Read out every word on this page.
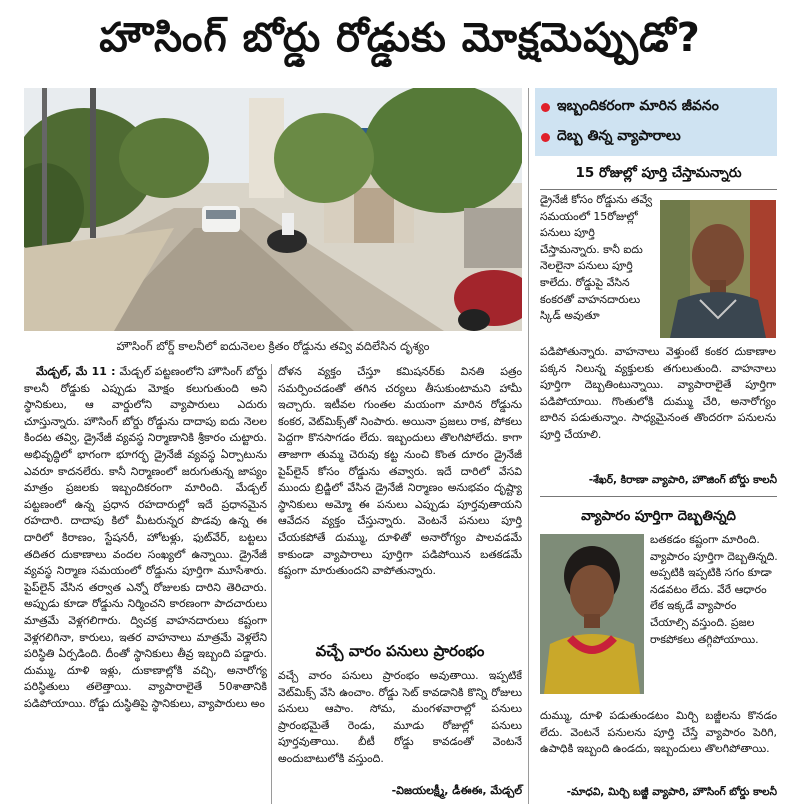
హౌసింగ్ బోర్డు రోడ్డుకు మోక్షమెప్పుడో?
హౌసింగ్ బోర్డ్ కాలనీలో ఐదునెలల క్రితం రోడ్డును తవ్వి వదిలేసిన దృశ్యం

మేడ్చల్, మే 11 : మేడ్చల్ పట్టణంలోని హౌసింగ్ బోర్డు కాలనీ రోడ్డుకు ఎప్పుడు మోక్షం కలుగుతుంది అని స్థానికులు, ఆ వార్డులోని వ్యాపారులు ఎదురు చూస్తున్నారు. హౌసింగ్ బోర్డు రోడ్డును దాదాపు ఐదు నెలల కిందట తవ్వి, డ్రైనేజీ వ్యవస్థ నిర్మాణానికి శ్రీకారం చుట్టారు. అభివృద్ధిలో భాగంగా భూగర్భ డ్రైనేజీ వ్యవస్థ ఏర్పాటును ఎవరూ కాదనలేరు. కానీ నిర్మాణంలో జరుగుతున్న జాప్యం మాత్రం ప్రజలకు ఇబ్బందికరంగా మారింది. మేడ్చల్ పట్టణంలో ఉన్న ప్రధాన రహదారుల్లో ఇదే ప్రధానమైన రహదారి. దాదాపు కిలో మీటరున్నర పొడవు ఉన్న ఈ దారిలో కిరాణం, స్టేషనరీ, హోటళ్లు, ఫుట్‌వేర్, బట్టలు తదితర దుకాణాలు వందల సంఖ్యలో ఉన్నాయి. డ్రైనేజీ వ్యవస్థ నిర్మాణ సమయంలో రోడ్డును పూర్తిగా మూసేశారు. పైప్‌లైన్ వేసిన తర్వాత ఎన్నో రోజులకు దారిని తెరిచారు. అప్పుడు కూడా రోడ్డును నిర్మించని కారణంగా పాదచారులు మాత్రమే వెళ్లగలిగారు. ద్విచక్ర వాహనదారులు కష్టంగా వెళ్లగలిగినా, కారులు, ఇతర వాహనాలు మాత్రమే వెళ్లలేని పరిస్థితి ఏర్పడింది. దీంతో స్థానికులు తీవ్ర ఇబ్బంది పడ్డారు. దుమ్ము, దూళి ఇళ్లు, దుకాణాల్లోకి వచ్చి, అనారోగ్య పరిస్థితులు తలెత్తాయి. వ్యాపారాలైతే 50శాతానికి పడిపోయాయి. రోడ్డు దుస్థితిపై స్థానికులు, వ్యాపారులు అం

దోళన వ్యక్తం చేస్తూ కమిషనర్‌కు వినతి పత్రం సమర్పించడంతో తగిన చర్యలు తీసుకుంటామని హామీ ఇచ్చారు. ఇటీవల గుంతల మయంగా మారిన రోడ్డును కంకర, వెట్‌మిక్స్‌తో నింపారు. అయినా ప్రజలు రాక, పోకలు పెద్దగా కొనసాగడం లేదు. ఇబ్బందులు తొలగిపోలేదు. కాగా తాజాగా తుమ్మ చెరువు కట్ట నుంచి కొంత దూరం డ్రైనేజీ పైప్‌లైన్ కోసం రోడ్డును తవ్వారు. ఇదే దారిలో వేసవి ముందు బ్రిడ్జిలో వేసిన డ్రైనేజీ నిర్మాణం అనుభవం దృష్ట్యా స్థానికులు అమ్మో ఈ పనులు ఎప్పుడు పూర్తవుతాయని ఆవేదన వ్యక్తం చేస్తున్నారు. వెంటనే పనులు పూర్తి చేయకపోతే దుమ్ము, దూళితో అనారోగ్యం పాలవడమే కాకుండా వ్యాపారాలు పూర్తిగా పడిపోయిన బతకడమే కష్టంగా మారుతుందని వాపోతున్నారు.

వచ్చే వారం పనులు ప్రారంభం

వచ్చే వారం పనులు ప్రారంభం అవుతాయి. ఇప్పటికే వెట్‌మిక్స్ వేసి ఉంచాం. రోడ్డు సెట్ కావడానికి కొన్ని రోజులు పనులు ఆపాం. సోమ, మంగళవారాల్లో పనులు ప్రారంభమైతే రెండు, మూడు రోజుల్లో పనులు పూర్తవుతాయి. బీటీ రోడ్డు కావడంతో వెంటనే అందుబాటులోకి వస్తుంది.

-విజయలక్ష్మీ, డీఈఈ, మేడ్చల్
ఇబ్బందికరంగా మారిన జీవనం
దెబ్బ తిన్న వ్యాపారాలు
15 రోజుల్లో పూర్తి చేస్తామన్నారు
డ్రైనేజీ కోసం రోడ్డును తవ్వే సమయంలో 15రోజుల్లో పనులు పూర్తి చేస్తామన్నారు. కానీ ఐదు నెలలైనా పనులు పూర్తి కాలేదు. రోడ్డుపై వేసిన కంకరతో వాహనదారులు స్కిడ్ అవుతూ
పడిపోతున్నారు. వాహనాలు వెళ్తుంటే కంకర దుకాణాల పక్కన నిలున్న వ్యక్తులకు తగులుతుంది. వాహనాలు పూర్తిగా దెబ్బతింటున్నాయి. వ్యాపారాలైతే పూర్తిగా పడిపోయాయి. గొంతులోకి దుమ్ము చేరి, అనారోగ్యం బారిన పడుతున్నాం. సాధ్యమైనంత తొందరగా పనులను పూర్తి చేయాలి.
-శేఖర్, కిరాణా వ్యాపారి, హౌజింగ్ బోర్డు కాలనీ
వ్యాపారం పూర్తిగా దెబ్బతిన్నది
బతకడం కష్టంగా మారింది. వ్యాపారం పూర్తిగా దెబ్బతిన్నది. అప్పటికి ఇప్పటికి సగం కూడా నడవటం లేదు. వేరే ఆధారం లేక ఇక్కడే వ్యాపారం చేయాల్సి వస్తుంది. ప్రజల రాకపోకలు తగ్గిపోయాయి.
దుమ్ము, దూళి పడుతుండటం మిర్చి బజ్జీలను కొనడం లేదు. వెంటనే పనులను పూర్తి చేస్తే వ్యాపారం పెరిగి, ఉపాధికి ఇబ్బంది ఉండదు, ఇబ్బందులు తొలగిపోతాయి.
-మాధవి, మిర్చి బజ్జీ వ్యాపారి, హౌసింగ్ బోర్డు కాలనీ
